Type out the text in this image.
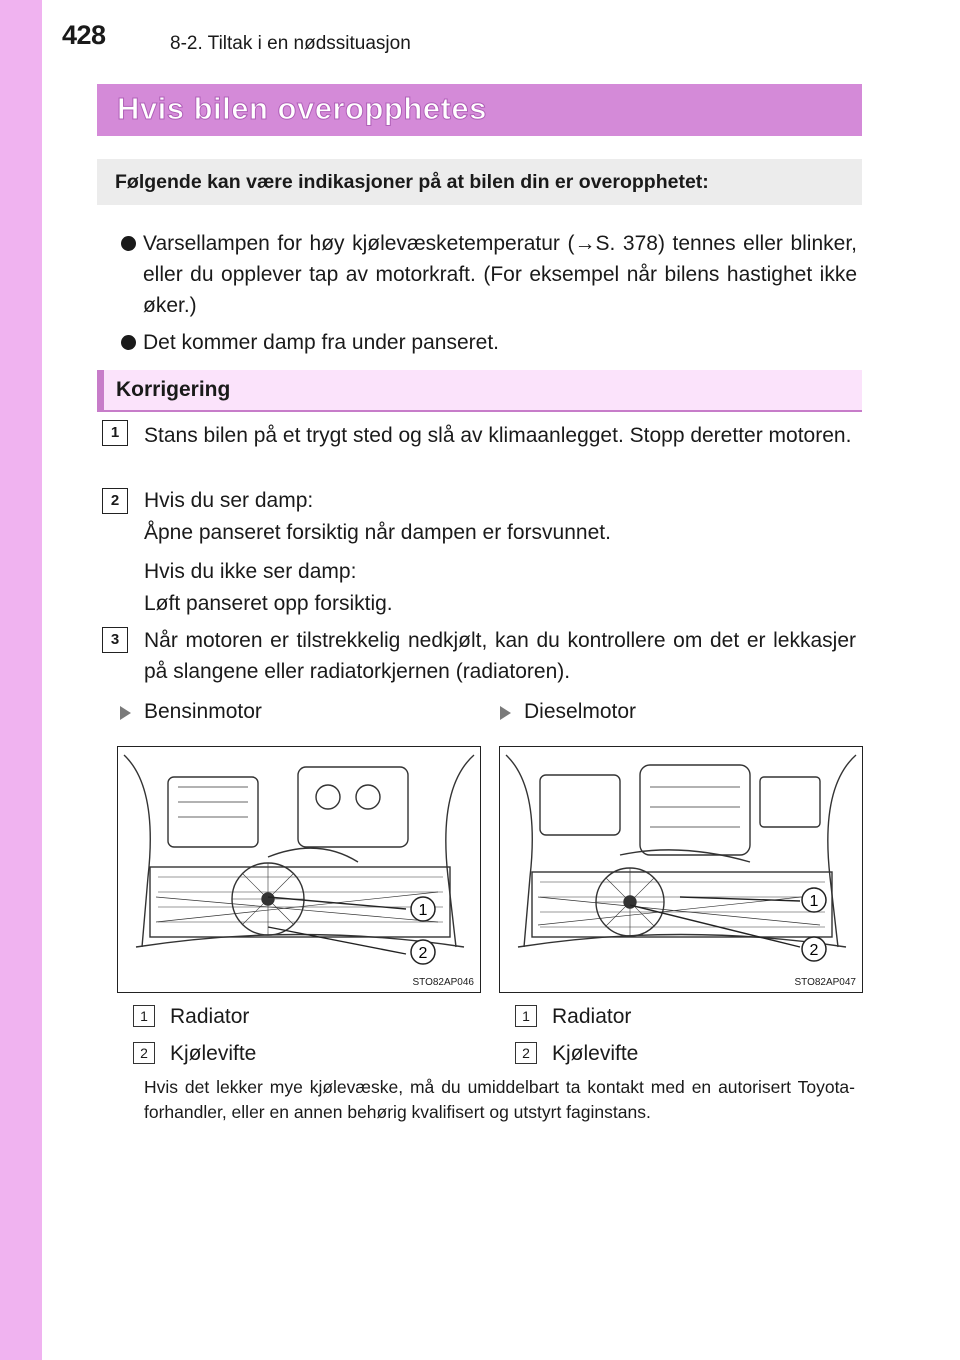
428	8-2. Tiltak i en nødssituasjon
Hvis bilen overopphetes
Følgende kan være indikasjoner på at bilen din er overopphetet:
Varsellampen for høy kjølevæsketemperatur (→S. 378) tennes eller blinker, eller du opplever tap av motorkraft. (For eksempel når bilens hastighet ikke øker.)
Det kommer damp fra under panseret.
Korrigering
1	Stans bilen på et trygt sted og slå av klimaanlegget. Stopp deretter motoren.
2	Hvis du ser damp:
Åpne panseret forsiktig når dampen er forsvunnet.
Hvis du ikke ser damp:
Løft panseret opp forsiktig.
3	Når motoren er tilstrekkelig nedkjølt, kan du kontrollere om det er lekkasjer på slangene eller radiatorkjernen (radiatoren).
Bensinmotor	Dieselmotor
1
2
STO82AP046
1
2
STO82AP047
1	Radiator
2	Kjølevifte
1	Radiator
2	Kjølevifte
Hvis det lekker mye kjølevæske, må du umiddelbart ta kontakt med en autorisert Toyota-forhandler, eller en annen behørig kvalifisert og utstyrt faginstans.
